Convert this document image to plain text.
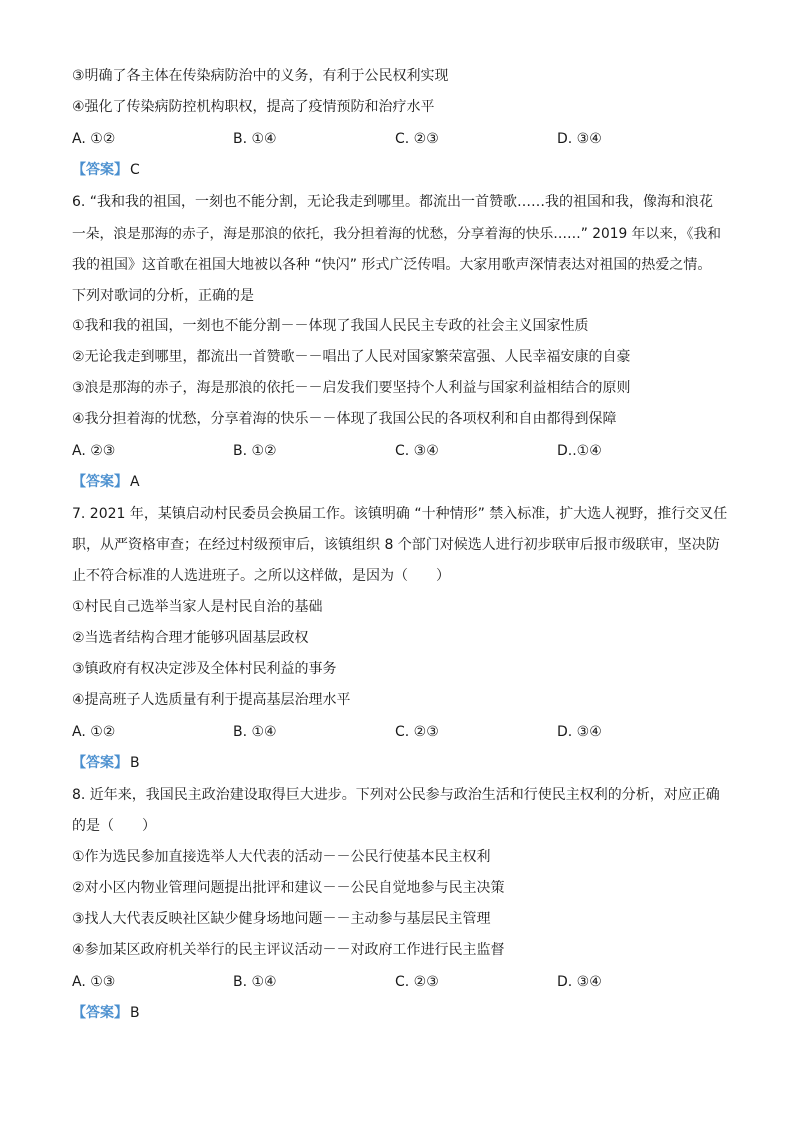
③明确了各主体在传染病防治中的义务，有利于公民权利实现
④强化了传染病防控机构职权，提高了疫情预防和治疗水平
A. ①②	B. ①④	C. ②③	D. ③④
【答案】 C
6. “我和我的祖国，一刻也不能分割，无论我走到哪里。都流出一首赞歌……我的祖国和我，像海和浪花
一朵，浪是那海的赤子，海是那浪的依托，我分担着海的忧愁，分享着海的快乐……” 2019 年以来，《我和
我的祖国》这首歌在祖国大地被以各种 “快闪” 形式广泛传唱。大家用歌声深情表达对祖国的热爱之情。
下列对歌词的分析，正确的是
①我和我的祖国，一刻也不能分割－－体现了我国人民民主专政的社会主义国家性质
②无论我走到哪里，都流出一首赞歌－－唱出了人民对国家繁荣富强、人民幸福安康的自豪
③浪是那海的赤子，海是那浪的依托－－启发我们要坚持个人利益与国家利益相结合的原则
④我分担着海的忧愁，分享着海的快乐－－体现了我国公民的各项权利和自由都得到保障
A. ②③	B. ①②	C. ③④	D..①④
【答案】 A
7. 2021 年，某镇启动村民委员会换届工作。该镇明确 “十种情形” 禁入标准，扩大选人视野，推行交叉任
职，从严资格审查；在经过村级预审后，该镇组织 8 个部门对候选人进行初步联审后报市级联审，坚决防
止不符合标准的人选进班子。之所以这样做，是因为（　　）
①村民自己选举当家人是村民自治的基础
②当选者结构合理才能够巩固基层政权
③镇政府有权决定涉及全体村民利益的事务
④提高班子人选质量有利于提高基层治理水平
A. ①②	B. ①④	C. ②③	D. ③④
【答案】 B
8. 近年来，我国民主政治建设取得巨大进步。下列对公民参与政治生活和行使民主权利的分析，对应正确
的是（　　）
①作为选民参加直接选举人大代表的活动－－公民行使基本民主权利
②对小区内物业管理问题提出批评和建议－－公民自觉地参与民主决策
③找人大代表反映社区缺少健身场地问题－－主动参与基层民主管理
④参加某区政府机关举行的民主评议活动－－对政府工作进行民主监督
A. ①③	B. ①④	C. ②③	D. ③④
【答案】 B
